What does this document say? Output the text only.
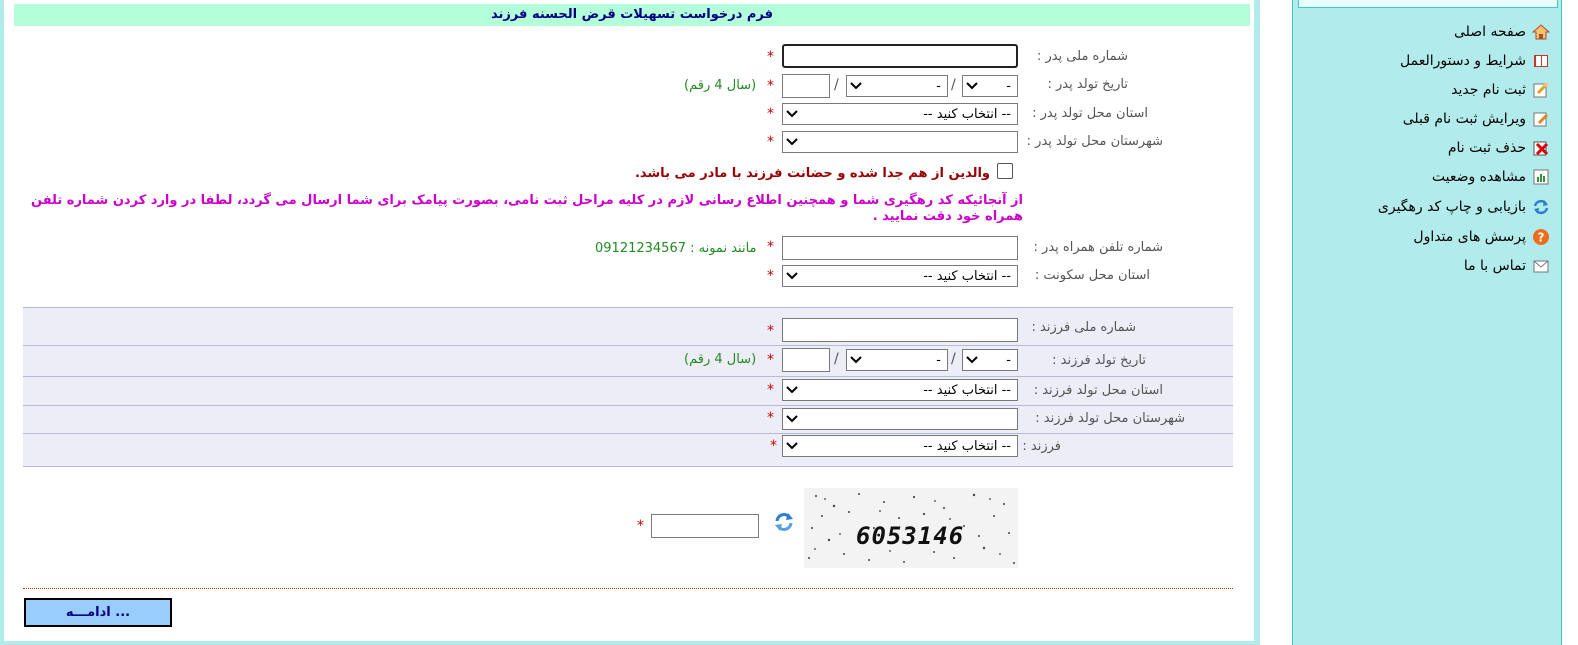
فرم درخواست تسهیلات قرض الحسنه فرزند
شماره ملی پدر :
*
تاریخ تولد پدر :
-
/
-
/
*
(سال 4 رقم)
استان محل تولد پدر :
-- انتخاب کنید --
*
شهرستان محل تولد پدر :
*
والدین از هم جدا شده و حضانت فرزند با مادر می باشد.
از آنجائیکه کد رهگیری شما و همچنین اطلاع رسانی لازم در کلیه مراحل ثبت نامی، بصورت پیامک برای شما ارسال می گردد، لطفا در وارد کردن شماره تلفن همراه خود دقت نمایید .
شماره تلفن همراه پدر :
*
مانند نمونه : 09121234567
استان محل سکونت :
-- انتخاب کنید --
*
شماره ملی فرزند :
*
تاریخ تولد فرزند :
-
/
-
/
*
(سال 4 رقم)
استان محل تولد فرزند :
-- انتخاب کنید --
*
شهرستان محل تولد فرزند :
*
فرزند :
-- انتخاب کنید --
*
6053146
*
ادامـــه ...
صفحه اصلی
شرایط و دستورالعمل
ثبت نام جدید
ویرایش ثبت نام قبلی
حذف ثبت نام
مشاهده وضعیت
بازیابی و چاپ کد رهگیری
?
پرسش های متداول
تماس با ما
